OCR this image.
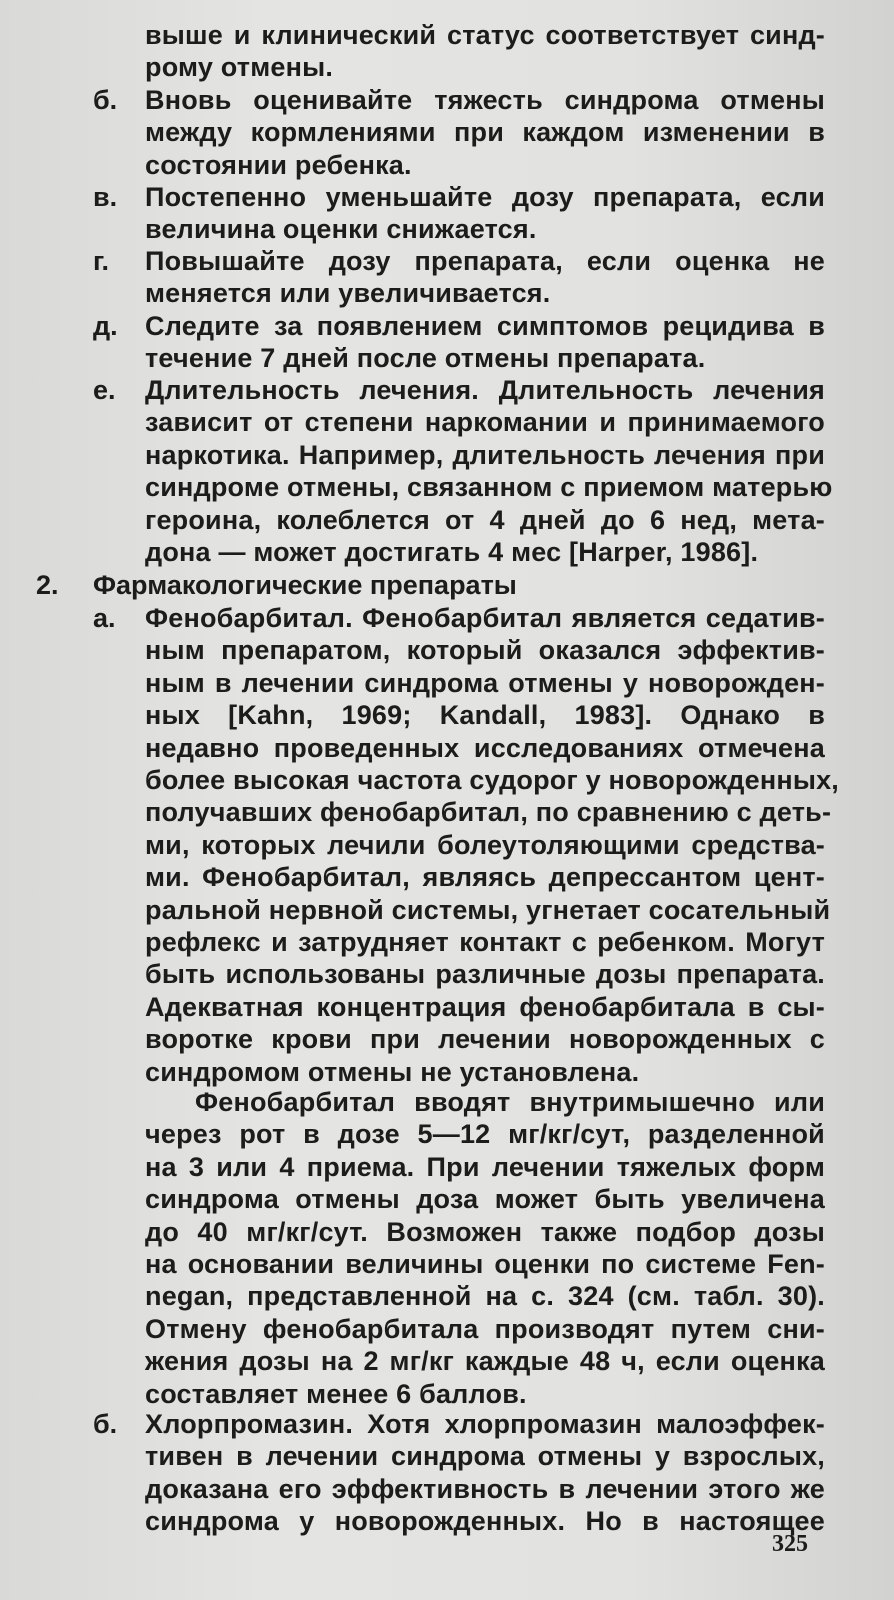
выше и клинический статус соответствует синд-
рому отмены.
б. Вновь оценивайте тяжесть синдрома отмены
между кормлениями при каждом изменении в
состоянии ребенка.
в. Постепенно уменьшайте дозу препарата, если
величина оценки снижается.
г. Повышайте дозу препарата, если оценка не
меняется или увеличивается.
д. Следите за появлением симптомов рецидива в
течение 7 дней после отмены препарата.
е. Длительность лечения. Длительность лечения
зависит от степени наркомании и принимаемого
наркотика. Например, длительность лечения при
синдроме отмены, связанном с приемом матерью
героина, колеблется от 4 дней до 6 нед, мета-
дона — может достигать 4 мес [Harper, 1986].
2. Фармакологические препараты
а. Фенобарбитал. Фенобарбитал является седатив-
ным препаратом, который оказался эффектив-
ным в лечении синдрома отмены у новорожден-
ных [Kahn, 1969; Kandall, 1983]. Однако в
недавно проведенных исследованиях отмечена
более высокая частота судорог у новорожденных,
получавших фенобарбитал, по сравнению с деть-
ми, которых лечили болеутоляющими средства-
ми. Фенобарбитал, являясь депрессантом цент-
ральной нервной системы, угнетает сосательный
рефлекс и затрудняет контакт с ребенком. Могут
быть использованы различные дозы препарата.
Адекватная концентрация фенобарбитала в сы-
воротке крови при лечении новорожденных с
синдромом отмены не установлена.
Фенобарбитал вводят внутримышечно или
через рот в дозе 5—12 мг/кг/сут, разделенной
на 3 или 4 приема. При лечении тяжелых форм
синдрома отмены доза может быть увеличена
до 40 мг/кг/сут. Возможен также подбор дозы
на основании величины оценки по системе Fen-
negan, представленной на с. 324 (см. табл. 30).
Отмену фенобарбитала производят путем сни-
жения дозы на 2 мг/кг каждые 48 ч, если оценка
составляет менее 6 баллов.
б. Хлорпромазин. Хотя хлорпромазин малоэффек-
тивен в лечении синдрома отмены у взрослых,
доказана его эффективность в лечении этого же
синдрома у новорожденных. Но в настоящее
325
